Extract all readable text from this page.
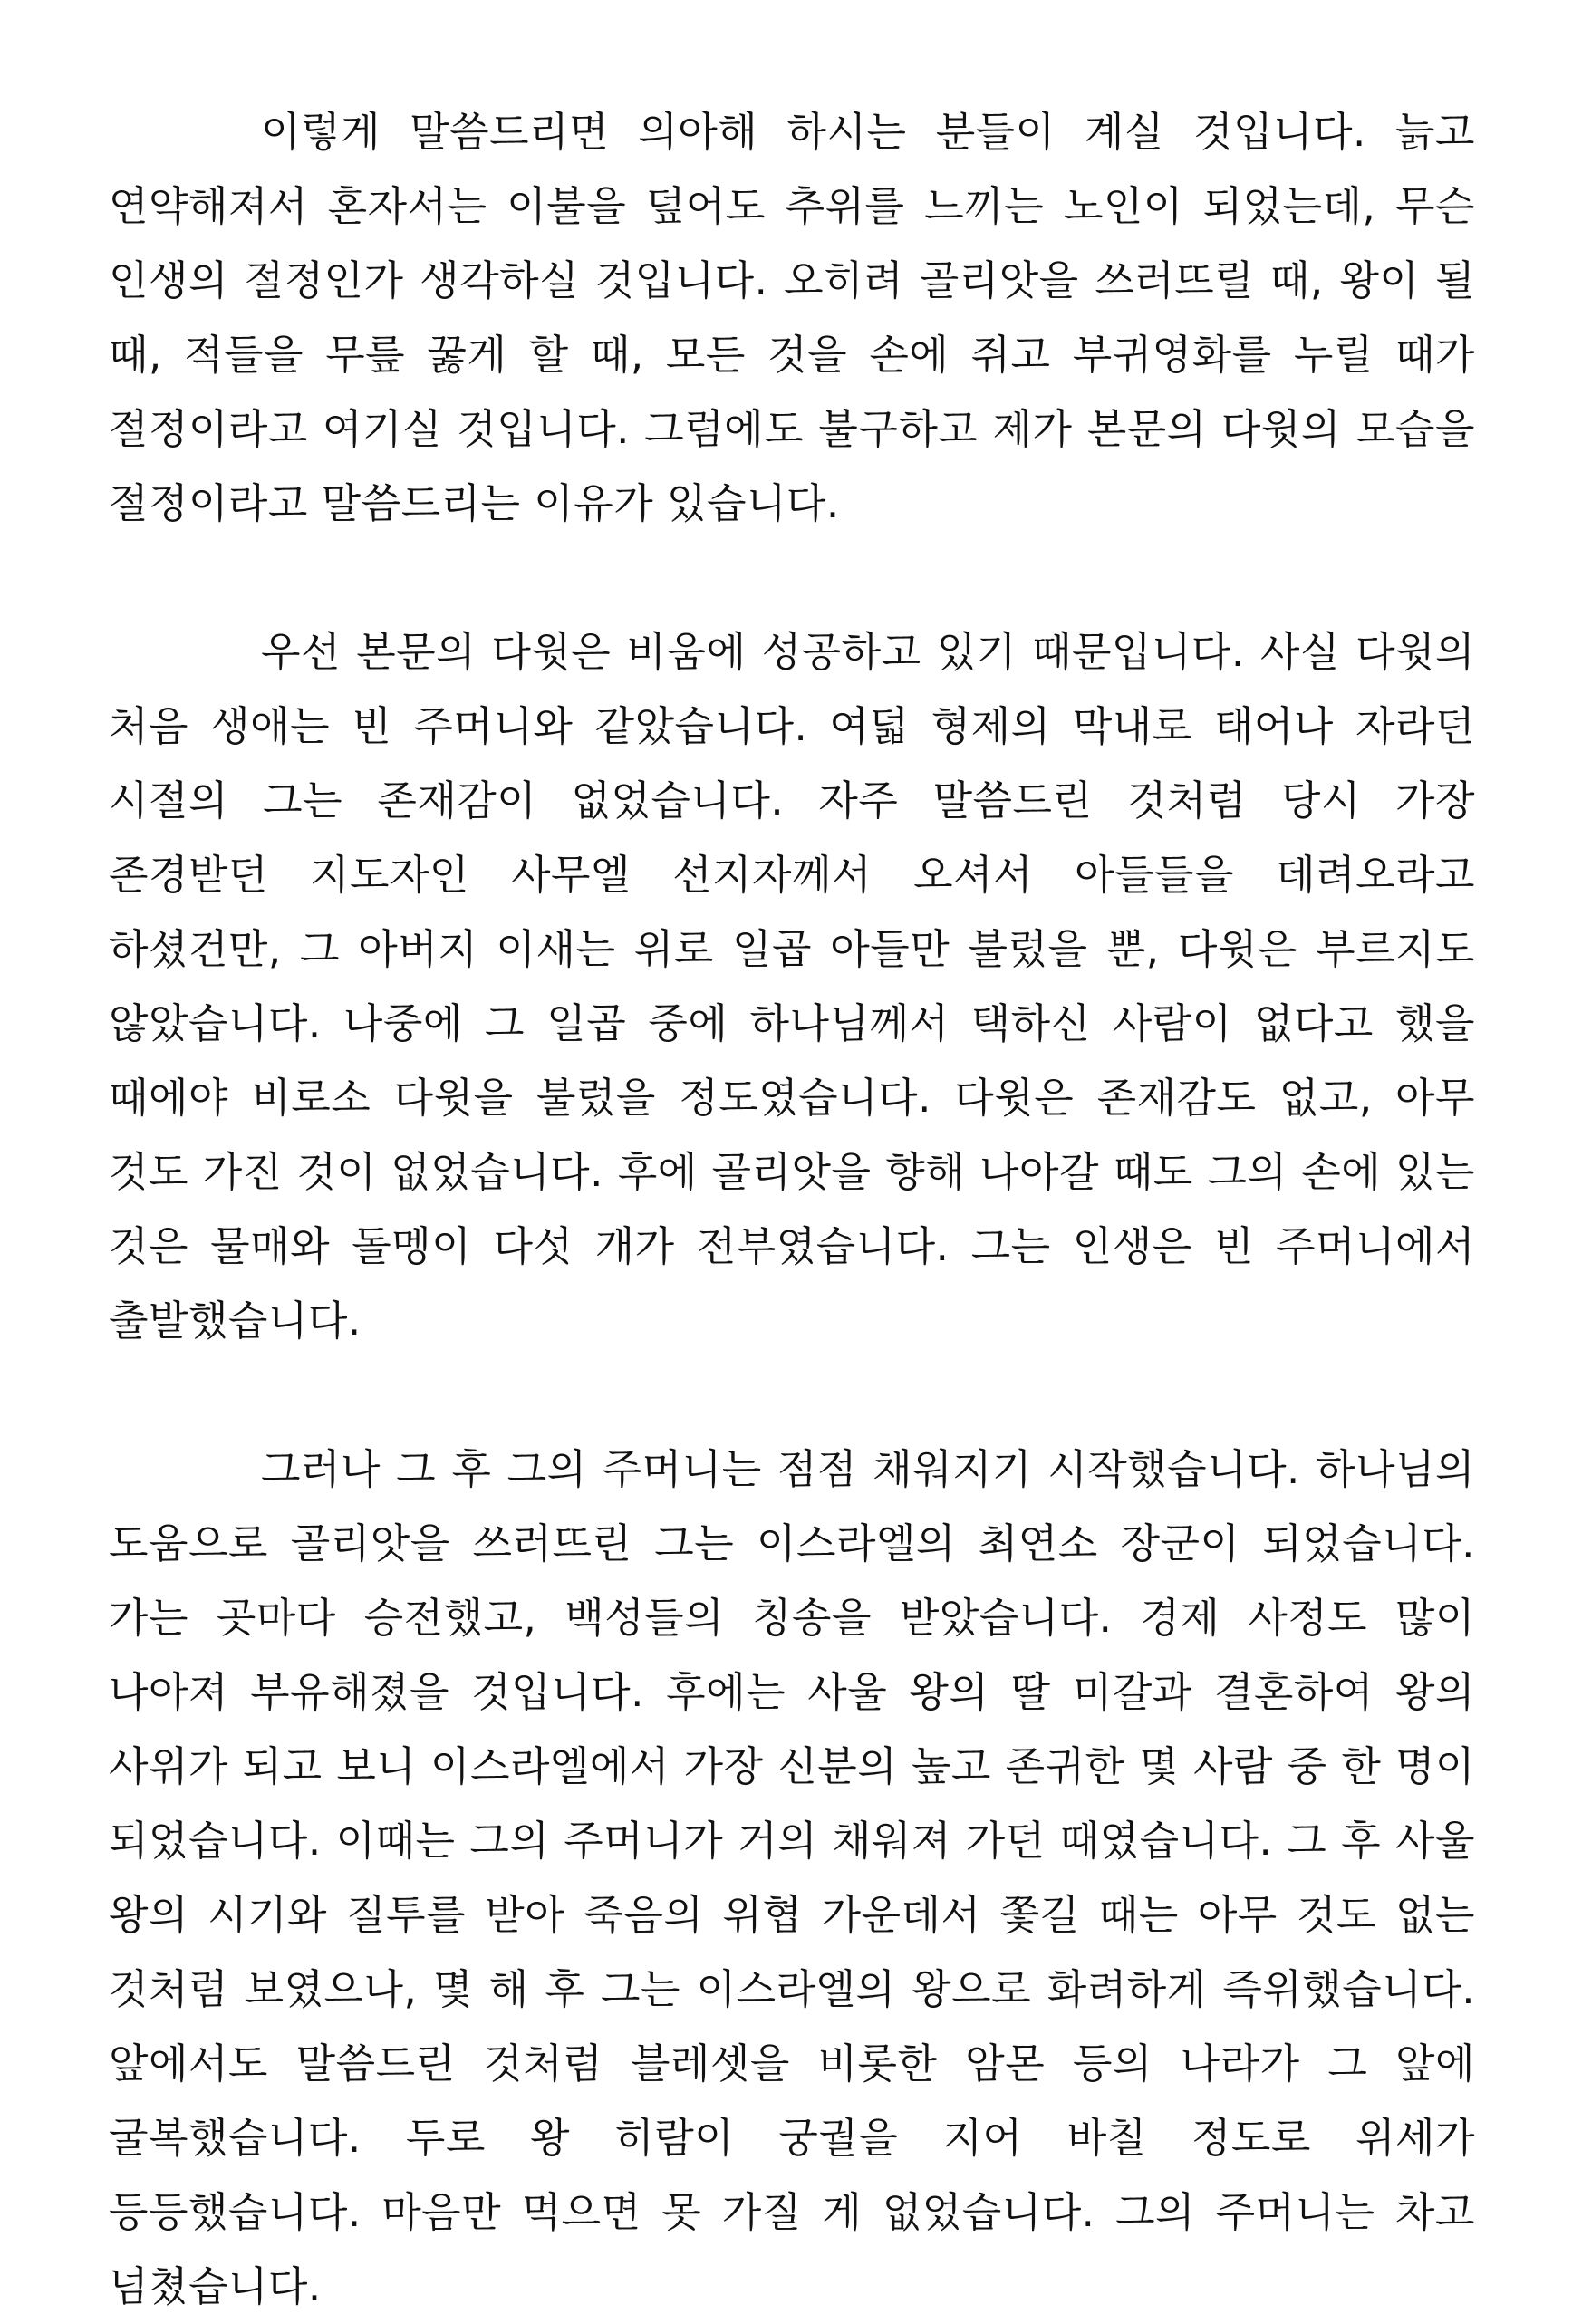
이렇게 말씀드리면 의아해 하시는 분들이 계실 것입니다. 늙고 연약해져서 혼자서는 이불을 덮어도 추위를 느끼는 노인이 되었는데, 무슨 인생의 절정인가 생각하실 것입니다. 오히려 골리앗을 쓰러뜨릴 때, 왕이 될 때, 적들을 무릎 꿇게 할 때, 모든 것을 손에 쥐고 부귀영화를 누릴 때가 절정이라고 여기실 것입니다. 그럼에도 불구하고 제가 본문의 다윗의 모습을 절정이라고 말씀드리는 이유가 있습니다.

우선 본문의 다윗은 비움에 성공하고 있기 때문입니다. 사실 다윗의 처음 생애는 빈 주머니와 같았습니다. 여덟 형제의 막내로 태어나 자라던 시절의 그는 존재감이 없었습니다. 자주 말씀드린 것처럼 당시 가장 존경받던 지도자인 사무엘 선지자께서 오셔서 아들들을 데려오라고 하셨건만, 그 아버지 이새는 위로 일곱 아들만 불렀을 뿐, 다윗은 부르지도 않았습니다. 나중에 그 일곱 중에 하나님께서 택하신 사람이 없다고 했을 때에야 비로소 다윗을 불렀을 정도였습니다. 다윗은 존재감도 없고, 아무 것도 가진 것이 없었습니다. 후에 골리앗을 향해 나아갈 때도 그의 손에 있는 것은 물매와 돌멩이 다섯 개가 전부였습니다. 그는 인생은 빈 주머니에서 출발했습니다.

그러나 그 후 그의 주머니는 점점 채워지기 시작했습니다. 하나님의 도움으로 골리앗을 쓰러뜨린 그는 이스라엘의 최연소 장군이 되었습니다. 가는 곳마다 승전했고, 백성들의 칭송을 받았습니다. 경제 사정도 많이 나아져 부유해졌을 것입니다. 후에는 사울 왕의 딸 미갈과 결혼하여 왕의 사위가 되고 보니 이스라엘에서 가장 신분의 높고 존귀한 몇 사람 중 한 명이 되었습니다. 이때는 그의 주머니가 거의 채워져 가던 때였습니다. 그 후 사울 왕의 시기와 질투를 받아 죽음의 위협 가운데서 쫓길 때는 아무 것도 없는 것처럼 보였으나, 몇 해 후 그는 이스라엘의 왕으로 화려하게 즉위했습니다. 앞에서도 말씀드린 것처럼 블레셋을 비롯한 암몬 등의 나라가 그 앞에 굴복했습니다. 두로 왕 히람이 궁궐을 지어 바칠 정도로 위세가 등등했습니다. 마음만 먹으면 못 가질 게 없었습니다. 그의 주머니는 차고 넘쳤습니다.
